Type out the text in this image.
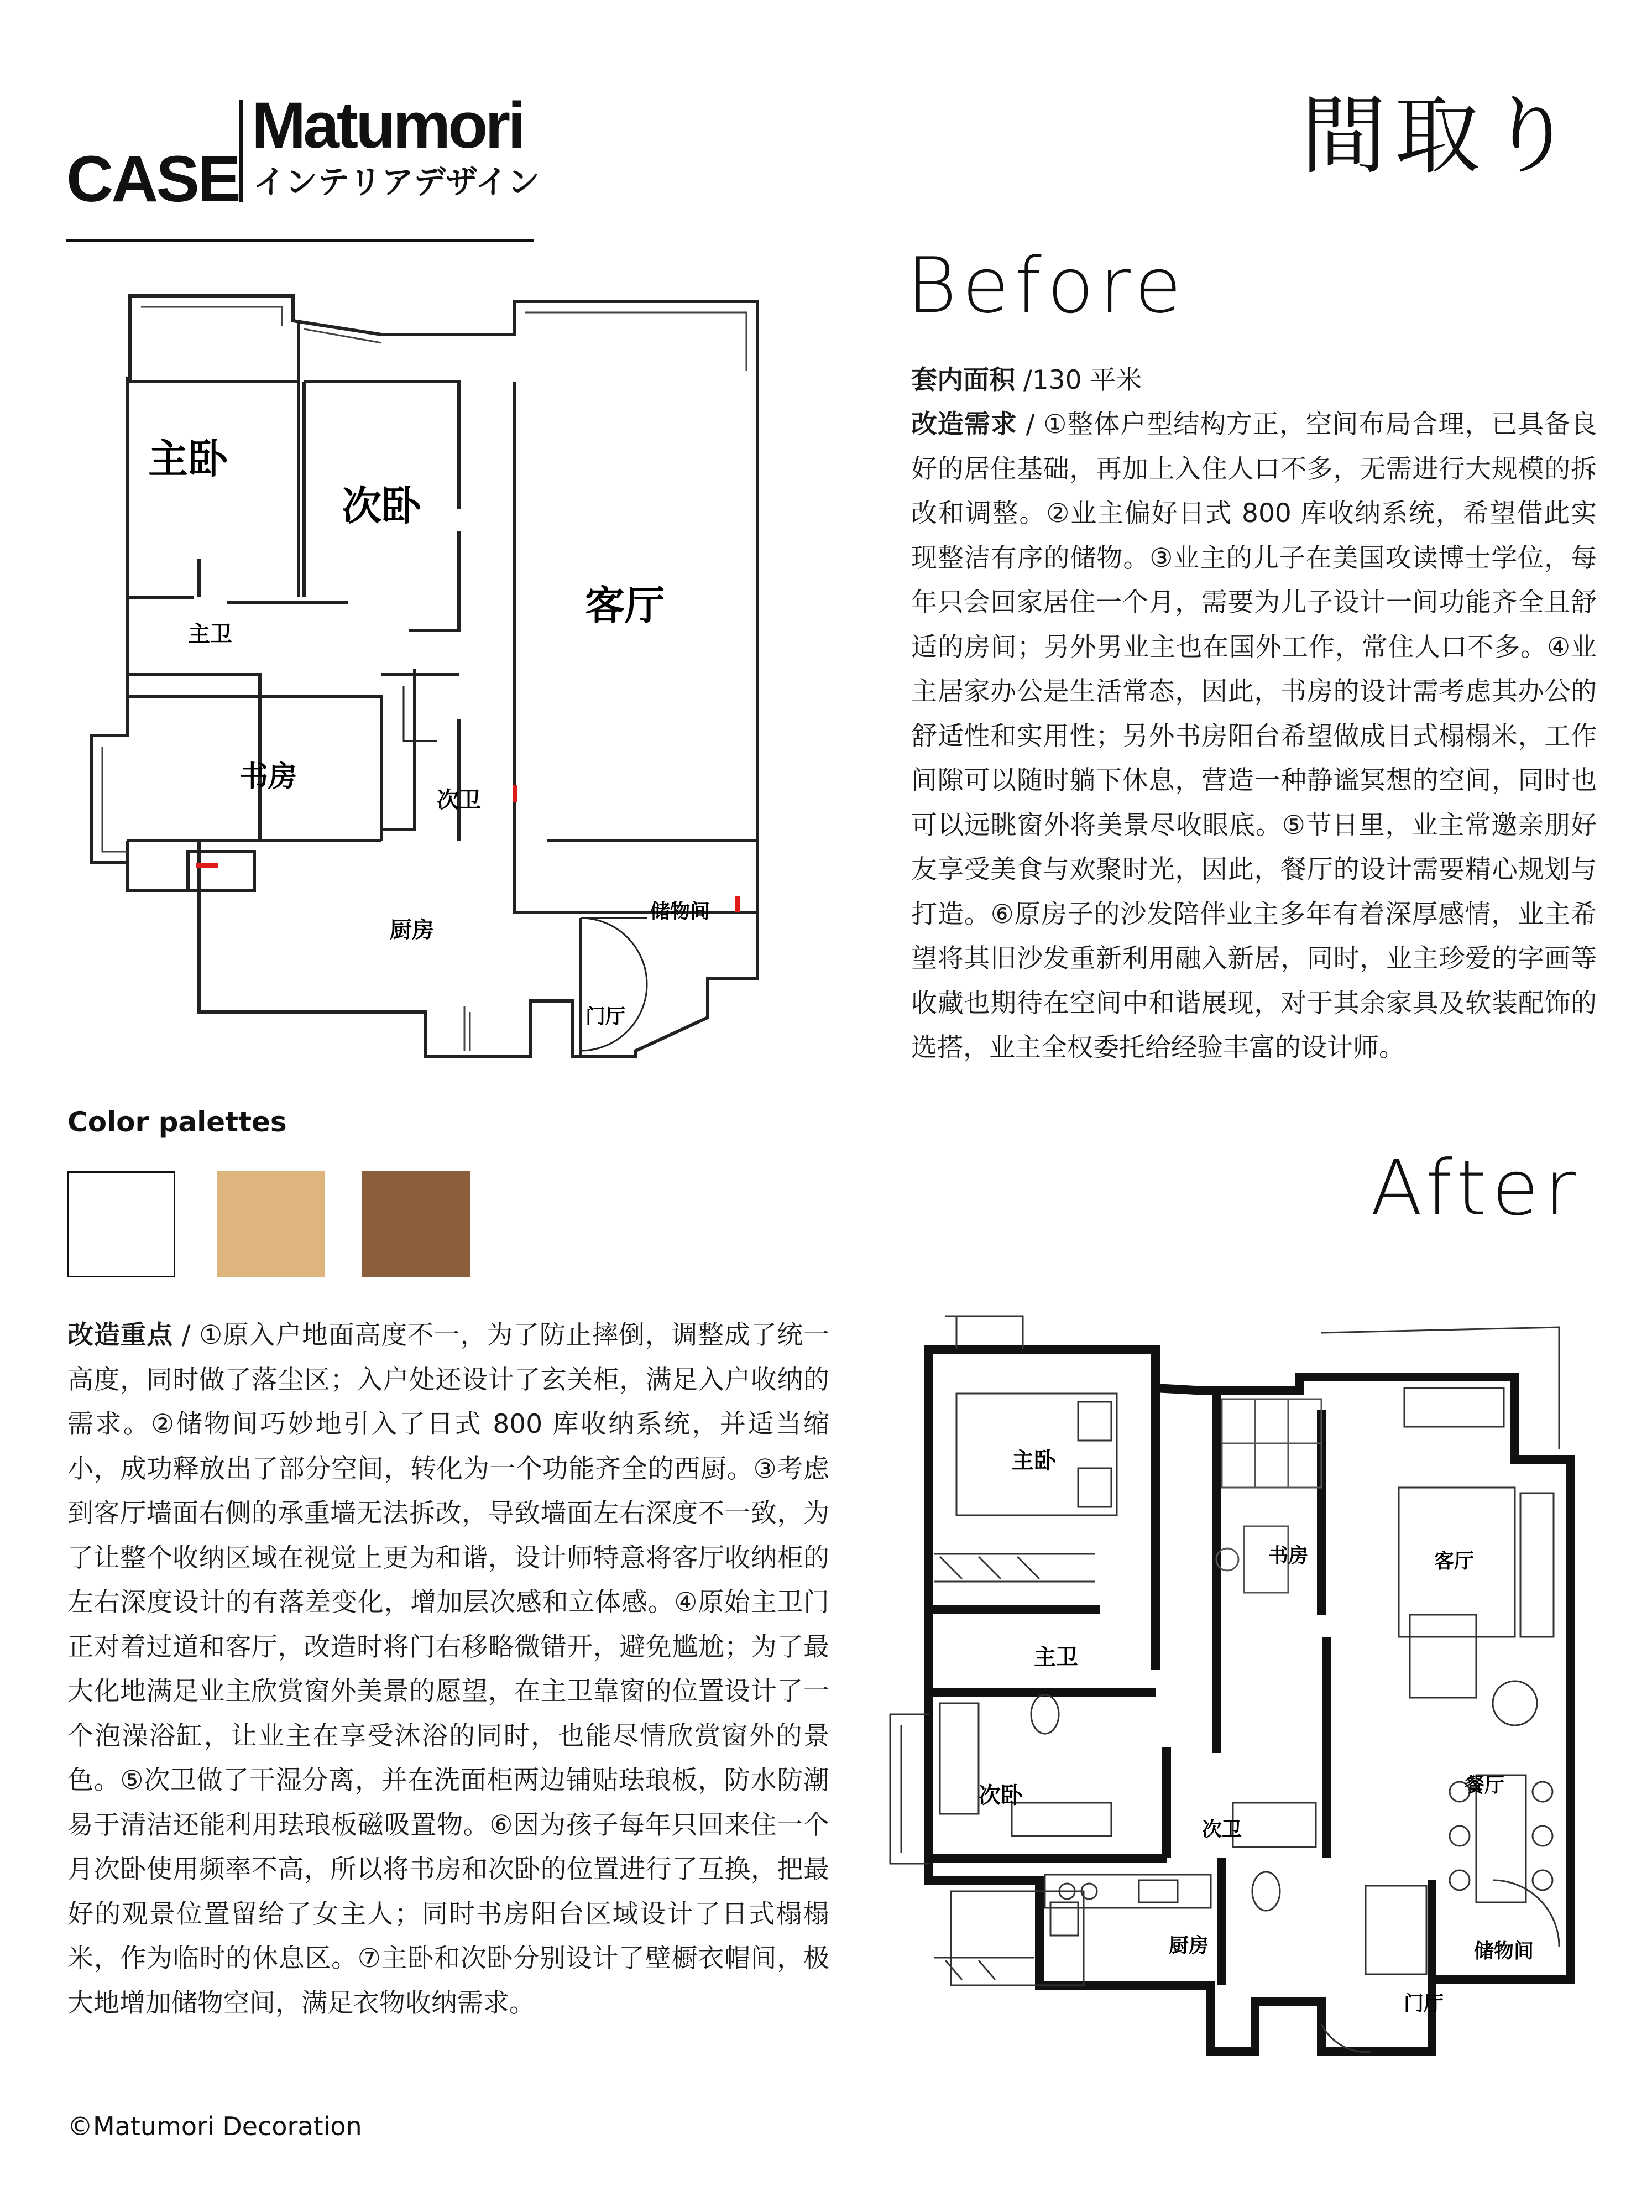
CASE
Matumori
インテリアデザイン	間取り
主卧
次卧
客厅
主卫
书房
次卫
厨房
储物间
门厅
Before
套内面积 /130 平米
改造需求 / ①整体户型结构方正，空间布局合理，已具备良好的居住基础，再加上入住人口不多，无需进行大规模的拆改和调整。②业主偏好日式 800 库收纳系统，希望借此实现整洁有序的储物。③业主的儿子在美国攻读博士学位，每年只会回家居住一个月，需要为儿子设计一间功能齐全且舒适的房间；另外男业主也在国外工作，常住人口不多。④业主居家办公是生活常态，因此，书房的设计需考虑其办公的舒适性和实用性；另外书房阳台希望做成日式榻榻米，工作间隙可以随时躺下休息，营造一种静谧冥想的空间，同时也可以远眺窗外将美景尽收眼底。⑤节日里，业主常邀亲朋好友享受美食与欢聚时光，因此，餐厅的设计需要精心规划与打造。⑥原房子的沙发陪伴业主多年有着深厚感情，业主希望将其旧沙发重新利用融入新居，同时，业主珍爱的字画等收藏也期待在空间中和谐展现，对于其余家具及软装配饰的选搭，业主全权委托给经验丰富的设计师。
Color palettes
After
改造重点 / ①原入户地面高度不一，为了防止摔倒，调整成了统一高度，同时做了落尘区；入户处还设计了玄关柜，满足入户收纳的需求。②储物间巧妙地引入了日式 800 库收纳系统，并适当缩小，成功释放出了部分空间，转化为一个功能齐全的西厨。③考虑到客厅墙面右侧的承重墙无法拆改，导致墙面左右深度不一致，为了让整个收纳区域在视觉上更为和谐，设计师特意将客厅收纳柜的左右深度设计的有落差变化，增加层次感和立体感。④原始主卫门正对着过道和客厅，改造时将门右移略微错开，避免尴尬；为了最大化地满足业主欣赏窗外美景的愿望，在主卫靠窗的位置设计了一个泡澡浴缸，让业主在享受沐浴的同时，也能尽情欣赏窗外的景色。⑤次卫做了干湿分离，并在洗面柜两边铺贴珐琅板，防水防潮易于清洁还能利用珐琅板磁吸置物。⑥因为孩子每年只回来住一个月次卧使用频率不高，所以将书房和次卧的位置进行了互换，把最好的观景位置留给了女主人；同时书房阳台区域设计了日式榻榻米，作为临时的休息区。⑦主卧和次卧分别设计了壁橱衣帽间，极大地增加储物空间，满足衣物收纳需求。
主卧
书房	客厅
主卫
次卧
次卫
餐厅
厨房	储物间
门厅
©Matumori Decoration
